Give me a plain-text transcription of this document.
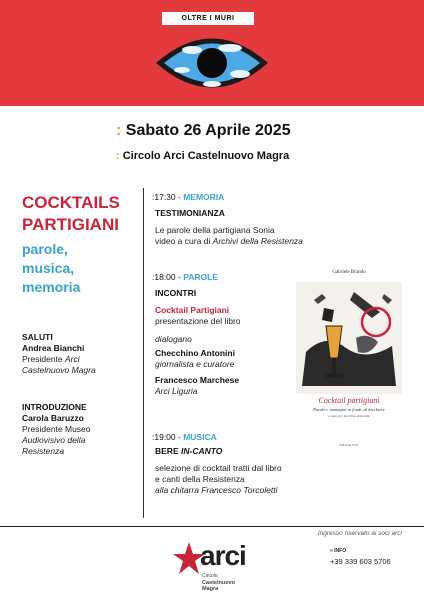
OLTRE I MURI
: Sabato 26 Aprile 2025
: Circolo Arci Castelnuovo Magra
COCKTAILS
PARTIGIANI
parole,
musica,
memoria
SALUTI
Andrea Bianchi
Presidente Arci
Castelnuovo Magra
INTRODUZIONE
Carola Baruzzo
Presidente Museo
Audiovisivo della
Resistenza
:17:30 - MEMORIA
TESTIMONIANZA
Le parole della partigiana Sonia
video a cura di Archivi della Resistenza
:18:00 - PAROLE
INCONTRI
Cocktail Partigiani
presentazione del libro
dialogano
Checchino Antonini
giornalista e curatore
Francesco Marchese
Arci Liguria
:19:00 - MUSICA
BERE IN-CANTO
selezione di cocktail tratti dal libro
e canti della Resistenza
alla chitarra Francesco Torcoletti
Gabriele Brando
Cocktail partigiani
Parole e immagini in fondo al bicchiere
a cura di Checchino Antonini
Edizioni ETS
Ingresso riservato ai soci arci
arci
Circolo
Castelnuovo Magra
» INFO
+39 339 603 5706
